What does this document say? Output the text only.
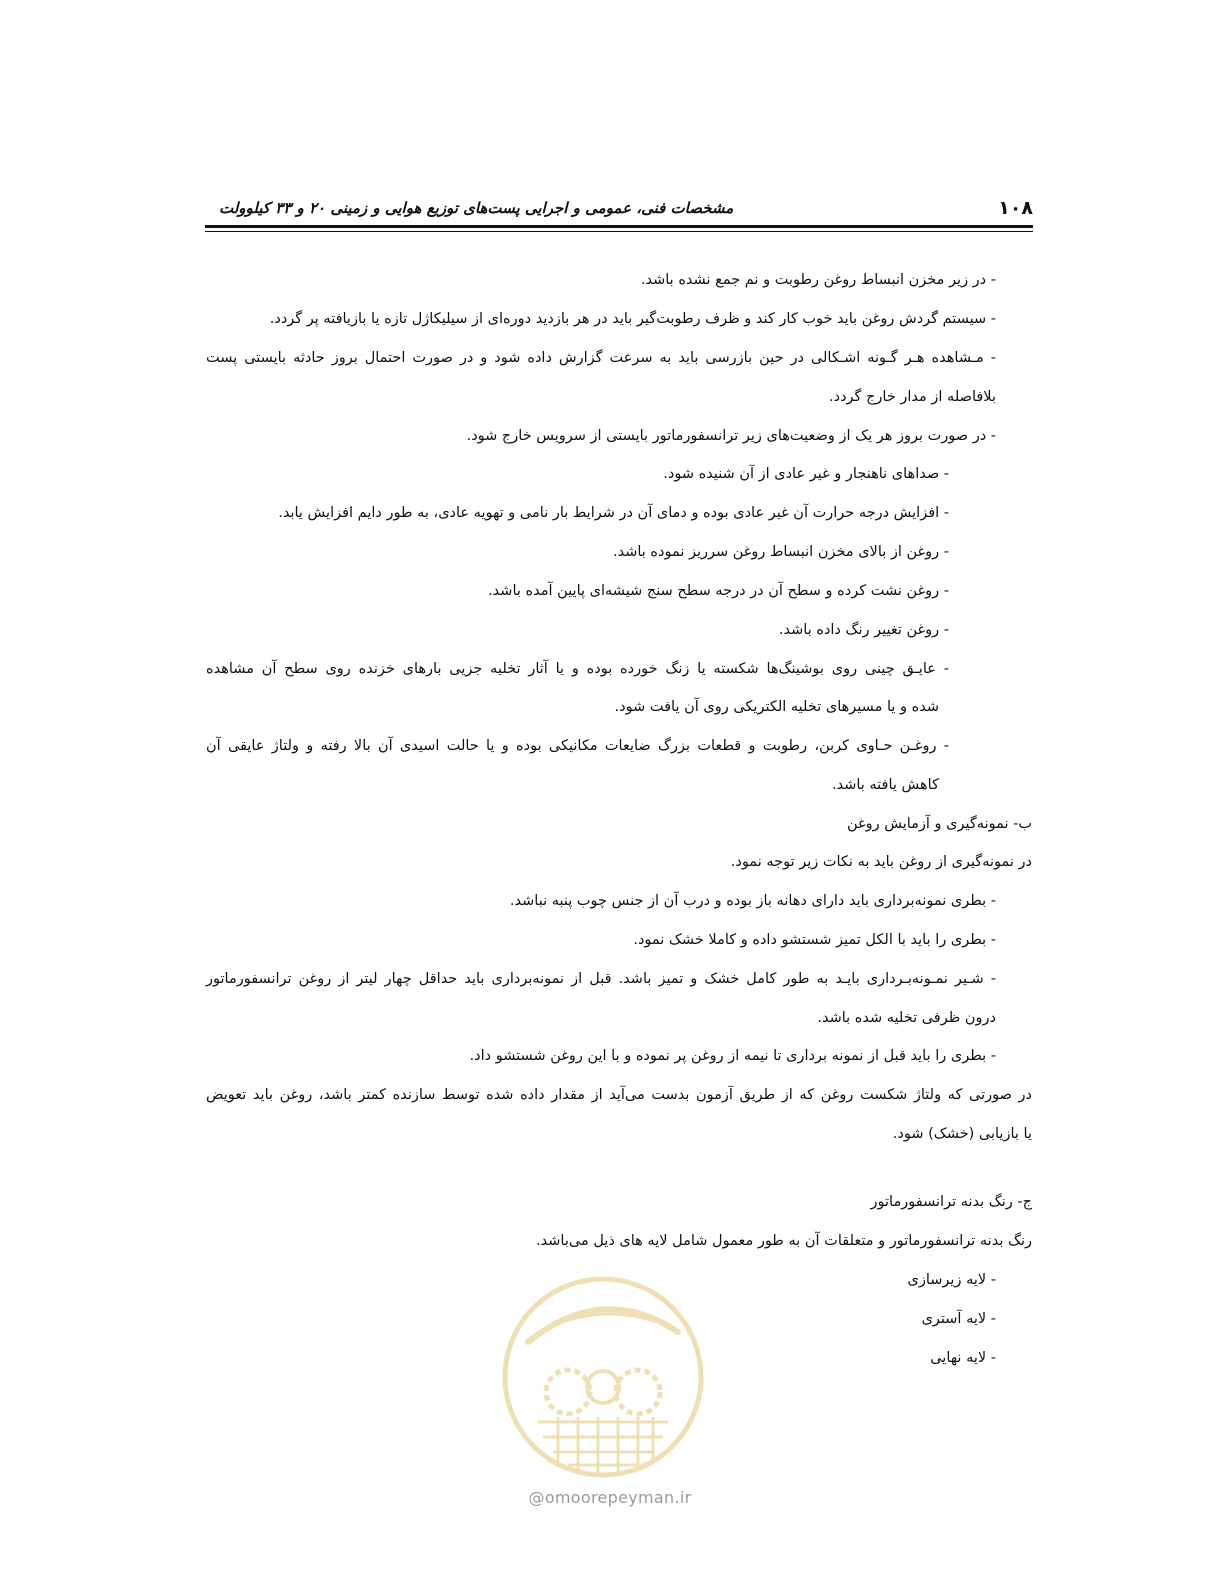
۱۰۸
مشخصات فنی، عمومی و اجرایی پست‌های توزیع هوایی و زمینی ۲۰ و ۳۳ کیلوولت
- در زیر مخزن انبساط روغن رطوبت و نم جمع نشده باشد.
- سیستم گردش روغن باید خوب کار کند و ظرف رطوبت‌گیر باید در هر بازدید دوره‌ای از سیلیکاژل تازه یا بازیافته پر گردد.
- مـشاهده هـر گـونه اشـکالی در حین بازرسی باید به سرعت گزارش داده شود و در صورت احتمال بروز حادثه بایستی پست
بلافاصله از مدار خارج گردد.
- در صورت بروز هر یک از وضعیت‌های زیر ترانسفورماتور بایستی از سرویس خارج شود.
- صداهای ناهنجار و غیر عادی از آن شنیده شود.
- افزایش درجه حرارت آن غیر عادی بوده و دمای آن در شرایط بار نامی و تهویه عادی، به طور دایم افزایش یابد.
- روغن از بالای مخزن انبساط روغن سرریز نموده باشد.
- روغن نشت کرده و سطح آن در درجه سطح سنج شیشه‌ای پایین آمده باشد.
- روغن تغییر رنگ داده باشد.
- عایـق چینی روی بوشینگ‌ها شکسته یا زنگ خورده بوده و یا آثار تخلیه جزیی بارهای خزنده روی سطح آن مشاهده
شده و یا مسیرهای تخلیه الکتریکی روی آن یافت شود.
- روغـن حـاوی کربن، رطوبت و قطعات بزرگ ضایعات مکانیکی بوده و یا حالت اسیدی آن بالا رفته و ولتاژ عایقی آن
کاهش یافته باشد.
ب- نمونه‌گیری و آزمایش روغن
در نمونه‌گیری از روغن باید به نکات زیر توجه نمود.
- بطری نمونه‌برداری باید دارای دهانه باز بوده و درب آن از جنس چوب پنبه نباشد.
- بطری را باید با الکل تمیز شستشو داده و کاملا خشک نمود.
- شـیر نمـونه‌بـرداری بایـد به طور کامل خشک و تمیز باشد. قبل از نمونه‌برداری باید حداقل چهار لیتر از روغن ترانسفورماتور
درون ظرفی تخلیه شده باشد.
- بطری را باید قبل از نمونه برداری تا نیمه از روغن پر نموده و با این روغن شستشو داد.
در صورتی که ولتاژ شکست روغن که از طریق آزمون بدست می‌آید از مقدار داده شده توسط سازنده کمتر باشد، روغن باید تعویض
یا بازیابی (خشک) شود.
ج- رنگ بدنه ترانسفورماتور
رنگ بدنه ترانسفورماتور و متعلقات آن به طور معمول شامل لایه های ذیل می‌باشد.
- لایه زیرسازی
- لایه آستری
- لایه نهایی
@omoorepeyman.ir
